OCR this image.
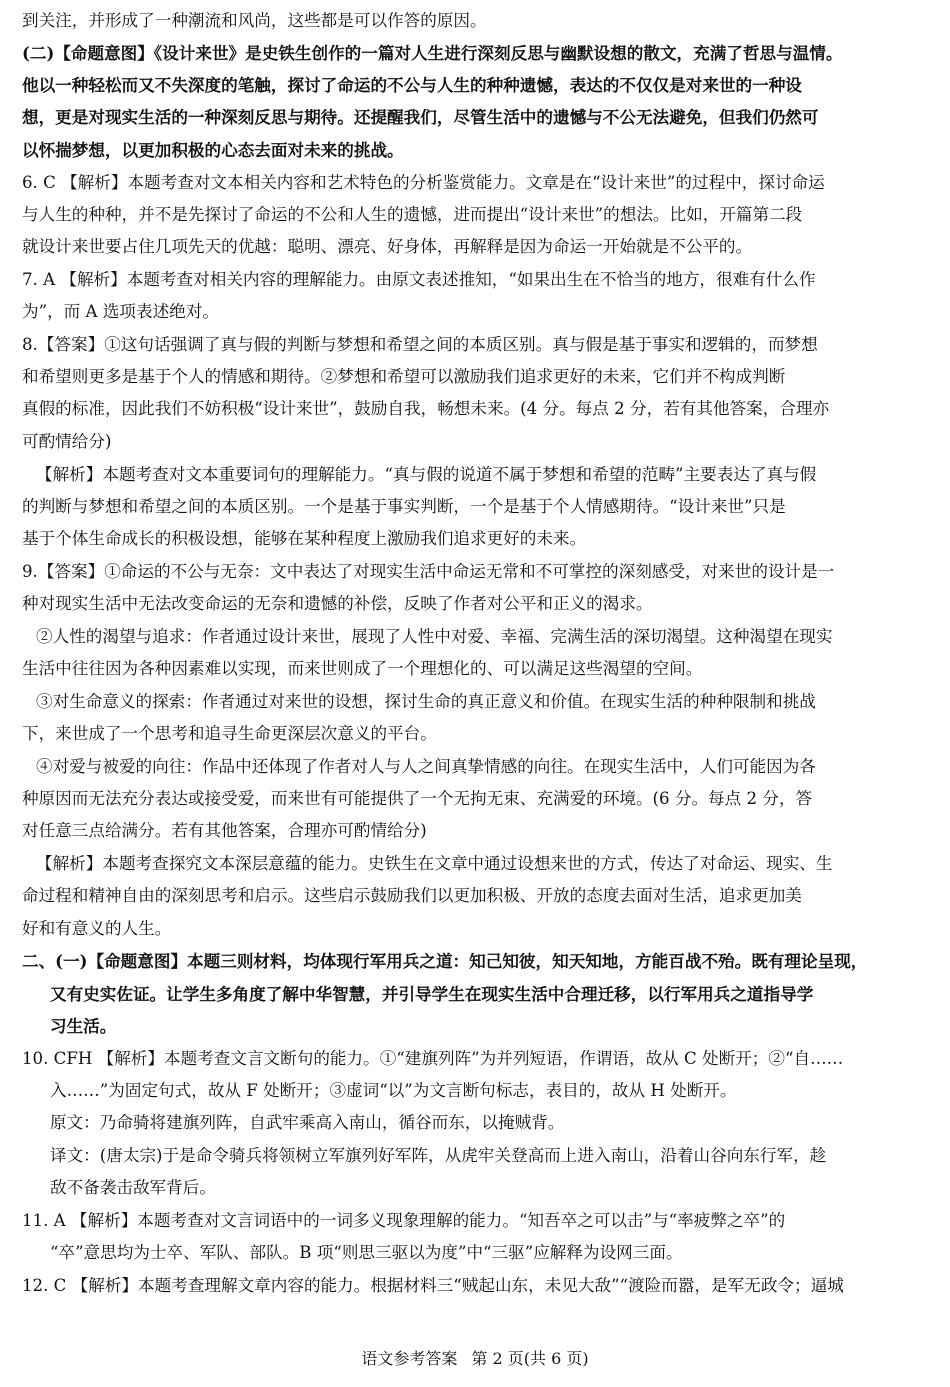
到关注，并形成了一种潮流和风尚，这些都是可以作答的原因。
(二)【命题意图】《设计来世》是史铁生创作的一篇对人生进行深刻反思与幽默设想的散文，充满了哲思与温情。
他以一种轻松而又不失深度的笔触，探讨了命运的不公与人生的种种遗憾，表达的不仅仅是对来世的一种设
想，更是对现实生活的一种深刻反思与期待。还提醒我们，尽管生活中的遗憾与不公无法避免，但我们仍然可
以怀揣梦想，以更加积极的心态去面对未来的挑战。
6. C 【解析】本题考查对文本相关内容和艺术特色的分析鉴赏能力。文章是在“设计来世”的过程中，探讨命运
与人生的种种，并不是先探讨了命运的不公和人生的遗憾，进而提出“设计来世”的想法。比如，开篇第二段
就设计来世要占住几项先天的优越：聪明、漂亮、好身体，再解释是因为命运一开始就是不公平的。
7. A 【解析】本题考查对相关内容的理解能力。由原文表述推知，“如果出生在不恰当的地方，很难有什么作
为”，而 A 选项表述绝对。
8.【答案】①这句话强调了真与假的判断与梦想和希望之间的本质区别。真与假是基于事实和逻辑的，而梦想
和希望则更多是基于个人的情感和期待。②梦想和希望可以激励我们追求更好的未来，它们并不构成判断
真假的标准，因此我们不妨积极“设计来世”，鼓励自我，畅想未来。(4 分。每点 2 分，若有其他答案，合理亦
可酌情给分)
【解析】本题考查对文本重要词句的理解能力。“真与假的说道不属于梦想和希望的范畴”主要表达了真与假
的判断与梦想和希望之间的本质区别。一个是基于事实判断，一个是基于个人情感期待。“设计来世”只是
基于个体生命成长的积极设想，能够在某种程度上激励我们追求更好的未来。
9.【答案】①命运的不公与无奈：文中表达了对现实生活中命运无常和不可掌控的深刻感受，对来世的设计是一
种对现实生活中无法改变命运的无奈和遗憾的补偿，反映了作者对公平和正义的渴求。
②人性的渴望与追求：作者通过设计来世，展现了人性中对爱、幸福、完满生活的深切渴望。这种渴望在现实
生活中往往因为各种因素难以实现，而来世则成了一个理想化的、可以满足这些渴望的空间。
③对生命意义的探索：作者通过对来世的设想，探讨生命的真正意义和价值。在现实生活的种种限制和挑战
下，来世成了一个思考和追寻生命更深层次意义的平台。
④对爱与被爱的向往：作品中还体现了作者对人与人之间真挚情感的向往。在现实生活中，人们可能因为各
种原因而无法充分表达或接受爱，而来世有可能提供了一个无拘无束、充满爱的环境。(6 分。每点 2 分，答
对任意三点给满分。若有其他答案，合理亦可酌情给分)
【解析】本题考查探究文本深层意蕴的能力。史铁生在文章中通过设想来世的方式，传达了对命运、现实、生
命过程和精神自由的深刻思考和启示。这些启示鼓励我们以更加积极、开放的态度去面对生活，追求更加美
好和有意义的人生。
二、(一)【命题意图】本题三则材料，均体现行军用兵之道：知己知彼，知天知地，方能百战不殆。既有理论呈现，
又有史实佐证。让学生多角度了解中华智慧，并引导学生在现实生活中合理迁移，以行军用兵之道指导学
习生活。
10. CFH 【解析】本题考查文言文断句的能力。①“建旗列阵”为并列短语，作谓语，故从 C 处断开；②“自……
入……”为固定句式，故从 F 处断开；③虚词“以”为文言断句标志，表目的，故从 H 处断开。
原文：乃命骑将建旗列阵，自武牢乘高入南山，循谷而东，以掩贼背。
译文：(唐太宗)于是命令骑兵将领树立军旗列好军阵，从虎牢关登高而上进入南山，沿着山谷向东行军，趁
敌不备袭击敌军背后。
11. A 【解析】本题考查对文言词语中的一词多义现象理解的能力。“知吾卒之可以击”与“率疲弊之卒”的
“卒”意思均为士卒、军队、部队。B 项“则思三驱以为度”中“三驱”应解释为设网三面。
12. C 【解析】本题考查理解文章内容的能力。根据材料三“贼起山东，未见大敌”“渡险而嚣，是军无政令；逼城
语文参考答案 第 2 页(共 6 页)
